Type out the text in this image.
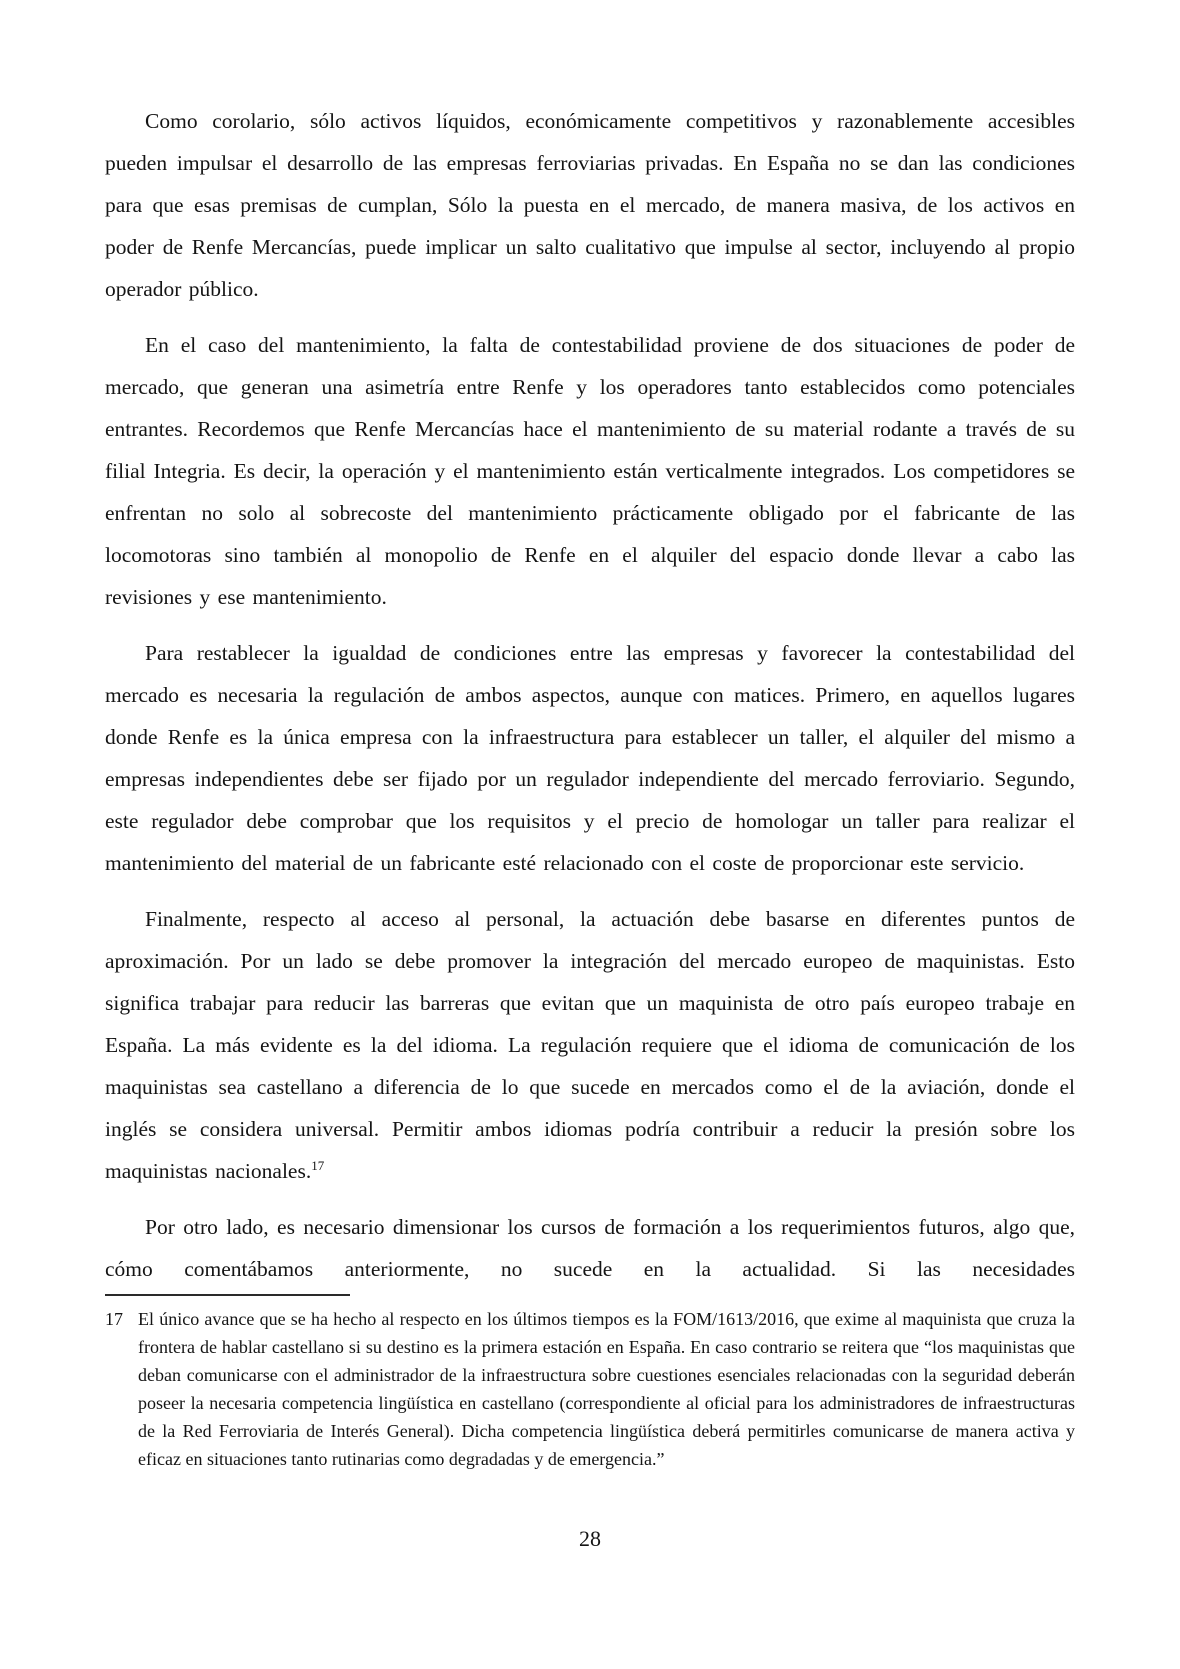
Como corolario, sólo activos líquidos, económicamente competitivos y razonablemente accesibles pueden impulsar el desarrollo de las empresas ferroviarias privadas. En España no se dan las condiciones para que esas premisas de cumplan, Sólo la puesta en el mercado, de manera masiva, de los activos en poder de Renfe Mercancías, puede implicar un salto cualitativo que impulse al sector, incluyendo al propio operador público.

En el caso del mantenimiento, la falta de contestabilidad proviene de dos situaciones de poder de mercado, que generan una asimetría entre Renfe y los operadores tanto establecidos como potenciales entrantes. Recordemos que Renfe Mercancías hace el mantenimiento de su material rodante a través de su filial Integria. Es decir, la operación y el mantenimiento están verticalmente integrados. Los competidores se enfrentan no solo al sobrecoste del mantenimiento prácticamente obligado por el fabricante de las locomotoras sino también al monopolio de Renfe en el alquiler del espacio donde llevar a cabo las revisiones y ese mantenimiento.

Para restablecer la igualdad de condiciones entre las empresas y favorecer la contestabilidad del mercado es necesaria la regulación de ambos aspectos, aunque con matices. Primero, en aquellos lugares donde Renfe es la única empresa con la infraestructura para establecer un taller, el alquiler del mismo a empresas independientes debe ser fijado por un regulador independiente del mercado ferroviario. Segundo, este regulador debe comprobar que los requisitos y el precio de homologar un taller para realizar el mantenimiento del material de un fabricante esté relacionado con el coste de proporcionar este servicio.

Finalmente, respecto al acceso al personal, la actuación debe basarse en diferentes puntos de aproximación. Por un lado se debe promover la integración del mercado europeo de maquinistas. Esto significa trabajar para reducir las barreras que evitan que un maquinista de otro país europeo trabaje en España. La más evidente es la del idioma. La regulación requiere que el idioma de comunicación de los maquinistas sea castellano a diferencia de lo que sucede en mercados como el de la aviación, donde el inglés se considera universal. Permitir ambos idiomas podría contribuir a reducir la presión sobre los maquinistas nacionales.$^{17}$

Por otro lado, es necesario dimensionar los cursos de formación a los requerimientos futuros, algo que, cómo comentábamos anteriormente, no sucede en la actualidad. Si las necesidades

17 El único avance que se ha hecho al respecto en los últimos tiempos es la FOM/1613/2016, que exime al maquinista que cruza la frontera de hablar castellano si su destino es la primera estación en España. En caso contrario se reitera que “los maquinistas que deban comunicarse con el administrador de la infraestructura sobre cuestiones esenciales relacionadas con la seguridad deberán poseer la necesaria competencia lingüística en castellano (correspondiente al oficial para los administradores de infraestructuras de la Red Ferroviaria de Interés General). Dicha competencia lingüística deberá permitirles comunicarse de manera activa y eficaz en situaciones tanto rutinarias como degradadas y de emergencia.”
28
